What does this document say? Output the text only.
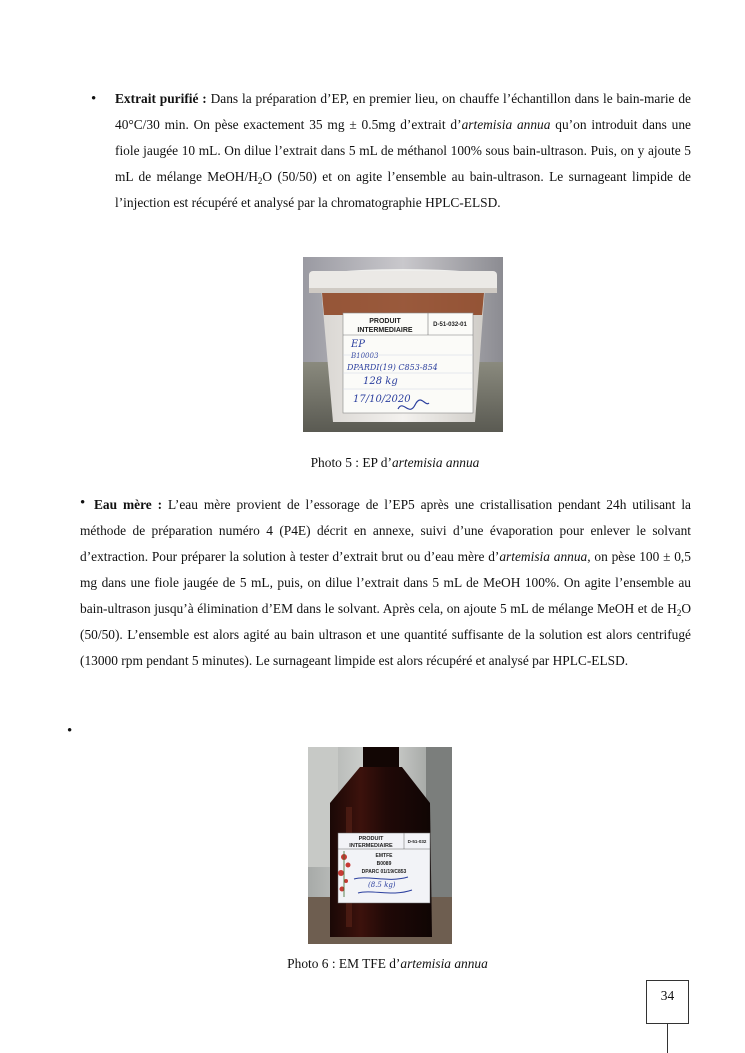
• Extrait purifié : Dans la préparation d’EP, en premier lieu, on chauffe l’échantillon dans le bain-marie de 40°C/30 min. On pèse exactement 35 mg ± 0.5mg d’extrait d’artemisia annua qu’on introduit dans une fiole jaugée 10 mL. On dilue l’extrait dans 5 mL de méthanol 100% sous bain-ultrason. Puis, on y ajoute 5 mL de mélange MeOH/$H_2O$ (50/50) et on agite l’ensemble au bain-ultrason. Le surnageant limpide de l’injection est récupéré et analysé par la chromatographie HPLC-ELSD.

PRODUIT
INTERMEDIAIRE
D-51-032-01
EP
B10003
DPARDI(19) C853-854
128 kg
17/10/2020
Photo 5 : EP d’artemisia annua
• Eau mère : L’eau mère provient de l’essorage de l’EP5 après une cristallisation pendant 24h utilisant la méthode de préparation numéro 4 (P4E) décrit en annexe, suivi d’une évaporation pour enlever le solvant d’extraction. Pour préparer la solution à tester d’extrait brut ou d’eau mère d’artemisia annua, on pèse 100 ± 0,5 mg dans une fiole jaugée de 5 mL, puis, on dilue l’extrait dans 5 mL de MeOH 100%. On agite l’ensemble au bain-ultrason jusqu’à élimination d’EM dans le solvant. Après cela, on ajoute 5 mL de mélange MeOH et de $H_2O$ (50/50). L’ensemble est alors agité au bain ultrason et une quantité suffisante de la solution est alors centrifugé (13000 rpm pendant 5 minutes). Le surnageant limpide est alors récupéré et analysé par HPLC-ELSD.

•
PRODUIT
INTERMEDIAIRE
D-51-032
EMTFE
B0089
DPARC 01/19/C853
(8.5 kg)
Photo 6 : EM TFE d’artemisia annua
34
